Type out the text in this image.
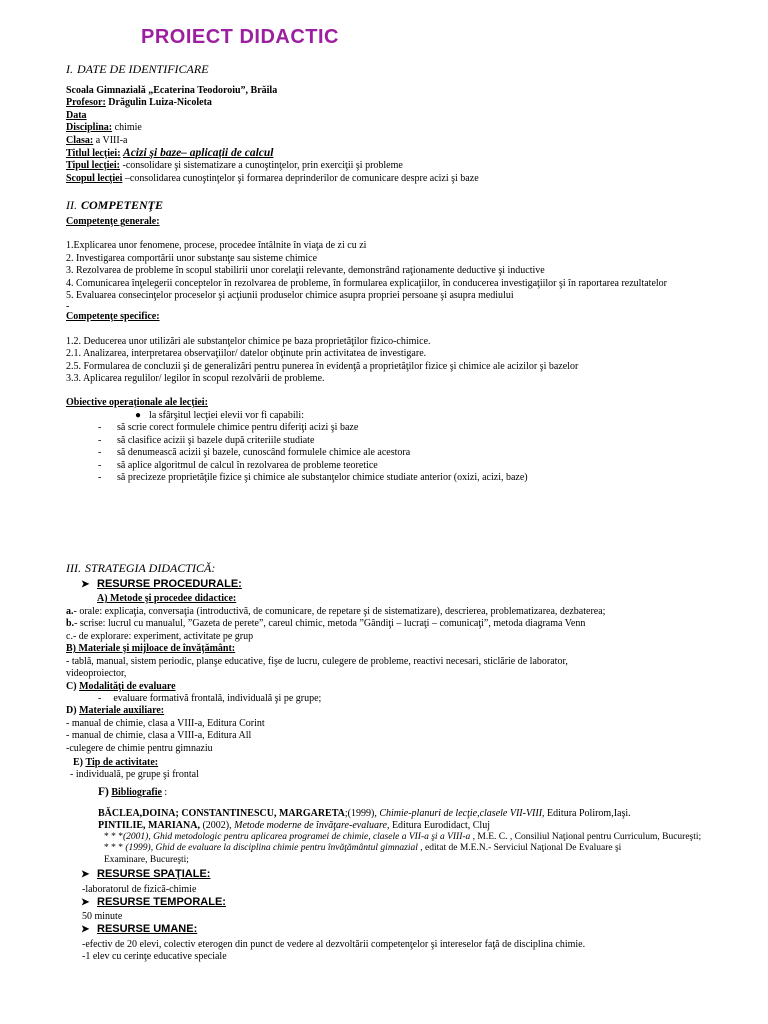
PROIECT DIDACTIC
I. DATE DE IDENTIFICARE
Scoala Gimnazială „Ecaterina Teodoroiu”, Brăila
Profesor: Drăgulin Luiza-Nicoleta
Data
Disciplina: chimie
Clasa: a VIII-a
Titlul lecţiei: Acizi şi baze– aplicaţii de calcul
Tipul lecţiei: -consolidare şi sistematizare a cunoştinţelor, prin exerciţii şi probleme
Scopul lecţiei –consolidarea cunoştinţelor şi formarea deprinderilor de comunicare despre acizi şi baze
II. COMPETENŢE
Competenţe generale:
1.Explicarea unor fenomene, procese, procedee întâlnite în viaţa de zi cu zi
2. Investigarea comportării unor substanţe sau sisteme chimice
3. Rezolvarea de probleme în scopul stabilirii unor corelaţii relevante, demonstrând raţionamente deductive şi inductive
4. Comunicarea înţelegerii conceptelor în rezolvarea de probleme, în formularea explicaţiilor, în conducerea investigaţiilor şi în raportarea rezultatelor
5. Evaluarea consecinţelor proceselor şi acţiunii produselor chimice asupra propriei persoane şi asupra mediului
-
Competenţe specifice:
1.2. Deducerea unor utilizări ale substanţelor chimice pe baza proprietăţilor fizico-chimice.
2.1. Analizarea, interpretarea observaţiilor/ datelor obţinute prin activitatea de investigare.
2.5. Formularea de concluzii şi de generalizări pentru punerea în evidenţă a proprietăţilor fizice şi chimice ale acizilor şi bazelor
3.3. Aplicarea regulilor/ legilor în scopul rezolvării de probleme.
Obiective operaţionale ale lecţiei:
● la sfârşitul lecţiei elevii vor fi capabili:
- să scrie corect formulele chimice pentru diferiţi acizi şi baze
- să clasifice acizii şi bazele după criteriile studiate
- să denumească acizii şi bazele, cunoscând formulele chimice ale acestora
- să aplice algoritmul de calcul în rezolvarea de probleme teoretice
- să precizeze proprietăţile fizice şi chimice ale substanţelor chimice studiate anterior (oxizi, acizi, baze)
III. STRATEGIA DIDACTICĂ:
➤ RESURSE PROCEDURALE:
A) Metode şi procedee didactice:
a.- orale: explicaţia, conversaţia (introductivă, de comunicare, de repetare şi de sistematizare), descrierea, problematizarea, dezbaterea;
b.- scrise: lucrul cu manualul, ”Gazeta de perete”, careul chimic, metoda ”Gândiţi – lucraţi – comunicaţi”, metoda diagrama Venn
c.- de explorare: experiment, activitate pe grup
B) Materiale şi mijloace de învăţământ:
- tablă, manual, sistem periodic, planşe educative, fişe de lucru, culegere de probleme, reactivi necesari, sticlărie de laborator,
videoproiector,
C) Modalităţi de evaluare
- evaluare formativă frontală, individuală şi pe grupe;
D) Materiale auxiliare:
- manual de chimie, clasa a VIII-a, Editura Corint
- manual de chimie, clasa a VIII-a, Editura All
-culegere de chimie pentru gimnaziu
E) Tip de activitate:
- individuală, pe grupe şi frontal
F) Bibliografie :
BĂCLEA,DOINA; CONSTANTINESCU, MARGARETA;(1999), Chimie-planuri de lecţie,clasele VII-VIII, Editura Polirom,Iaşi.
PINTILIE, MARIANA, (2002), Metode moderne de învăţare-evaluare, Editura Eurodidact, Cluj
* * *(2001), Ghid metodologic pentru aplicarea programei de chimie, clasele a VII-a şi a VIII-a , M.E. C. , Consiliul Naţional pentru Curriculum, Bucureşti;
* * * (1999), Ghid de evaluare la disciplina chimie pentru învăţământul gimnazial , editat de M.E.N.- Serviciul Naţional De Evaluare şi
Examinare, Bucureşti;
➤ RESURSE SPAŢIALE:
-laboratorul de fizică-chimie
➤ RESURSE TEMPORALE:
50 minute
➤ RESURSE UMANE:
-efectiv de 20 elevi, colectiv eterogen din punct de vedere al dezvoltării competenţelor şi intereselor faţă de disciplina chimie.
-1 elev cu cerinţe educative speciale
